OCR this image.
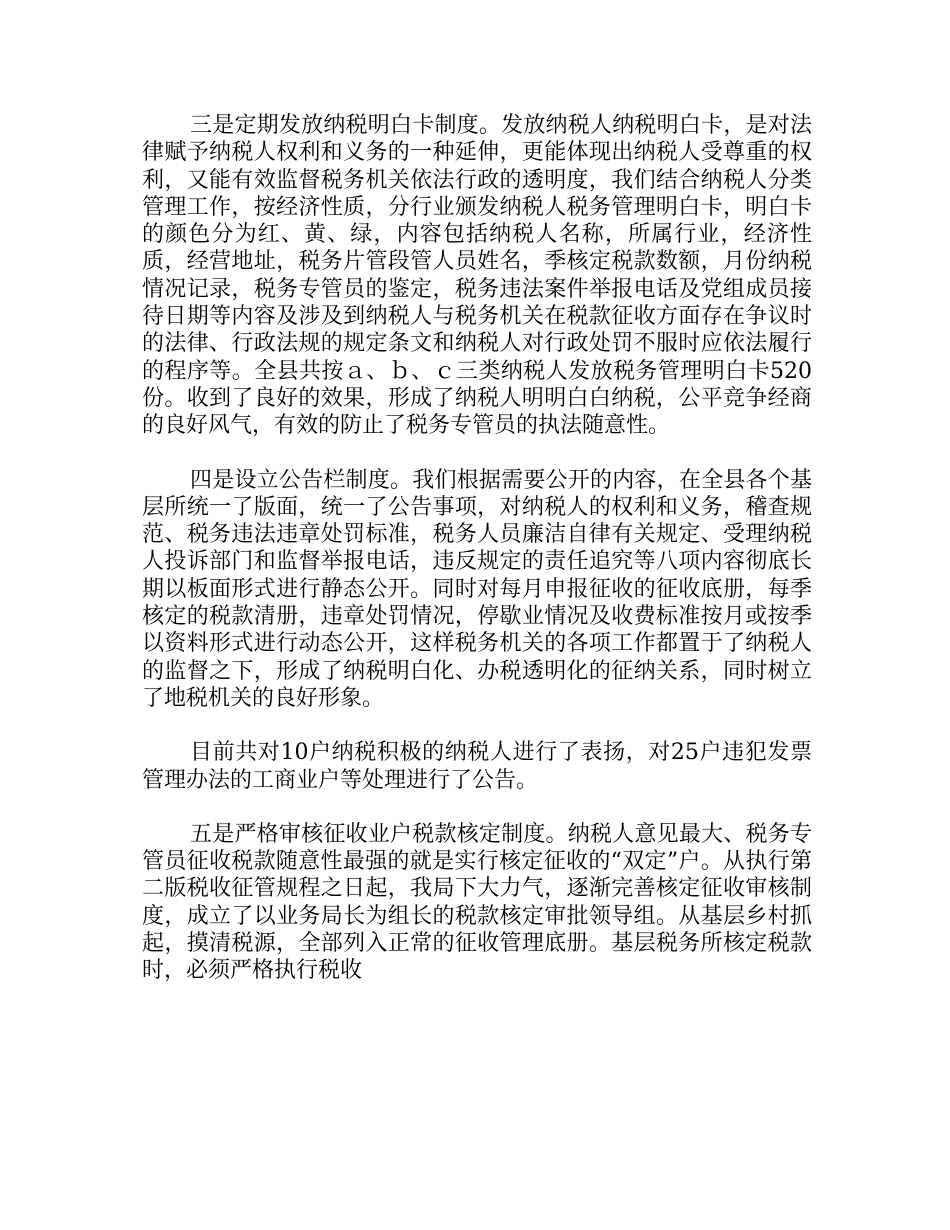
三是定期发放纳税明白卡制度。发放纳税人纳税明白卡，是对法律赋予纳税人权利和义务的一种延伸，更能体现出纳税人受尊重的权利，又能有效监督税务机关依法行政的透明度，我们结合纳税人分类管理工作，按经济性质，分行业颁发纳税人税务管理明白卡，明白卡的颜色分为红、黄、绿，内容包括纳税人名称，所属行业，经济性质，经营地址，税务片管段管人员姓名，季核定税款数额，月份纳税情况记录，税务专管员的鉴定，税务违法案件举报电话及党组成员接待日期等内容及涉及到纳税人与税务机关在税款征收方面存在争议时的法律、行政法规的规定条文和纳税人对行政处罚不服时应依法履行的程序等。全县共按ａ、ｂ、ｃ三类纳税人发放税务管理明白卡520份。收到了良好的效果，形成了纳税人明明白白纳税，公平竞争经商的良好风气，有效的防止了税务专管员的执法随意性。

四是设立公告栏制度。我们根据需要公开的内容，在全县各个基层所统一了版面，统一了公告事项，对纳税人的权利和义务，稽查规范、税务违法违章处罚标准，税务人员廉洁自律有关规定、受理纳税人投诉部门和监督举报电话，违反规定的责任追究等八项内容彻底长期以板面形式进行静态公开。同时对每月申报征收的征收底册，每季核定的税款清册，违章处罚情况，停歇业情况及收费标准按月或按季以资料形式进行动态公开，这样税务机关的各项工作都置于了纳税人的监督之下，形成了纳税明白化、办税透明化的征纳关系，同时树立了地税机关的良好形象。

目前共对10户纳税积极的纳税人进行了表扬，对25户违犯发票管理办法的工商业户等处理进行了公告。

五是严格审核征收业户税款核定制度。纳税人意见最大、税务专管员征收税款随意性最强的就是实行核定征收的“双定”户。从执行第二版税收征管规程之日起，我局下大力气，逐渐完善核定征收审核制度，成立了以业务局长为组长的税款核定审批领导组。从基层乡村抓起，摸清税源，全部列入正常的征收管理底册。基层税务所核定税款时，必须严格执行税收
